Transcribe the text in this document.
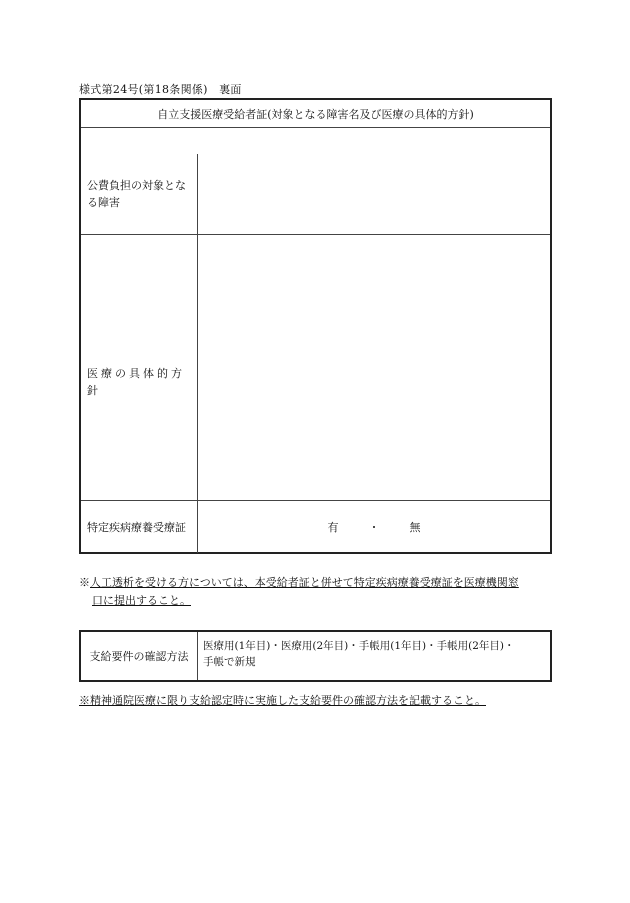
様式第24号(第18条関係)　裏面
自立支援医療受給者証(対象となる障害名及び医療の具体的方針)
公費負担の対象となる障害
医療の具体的方針
特定疾病療養受療証	有	・	無
※人工透析を受ける方については、本受給者証と併せて特定疾病療養受療証を医療機関窓
口に提出すること。
支給要件の確認方法
医療用(1年目)・医療用(2年目)・手帳用(1年目)・手帳用(2年目)・
手帳で新規
※精神通院医療に限り支給認定時に実施した支給要件の確認方法を記載すること。
